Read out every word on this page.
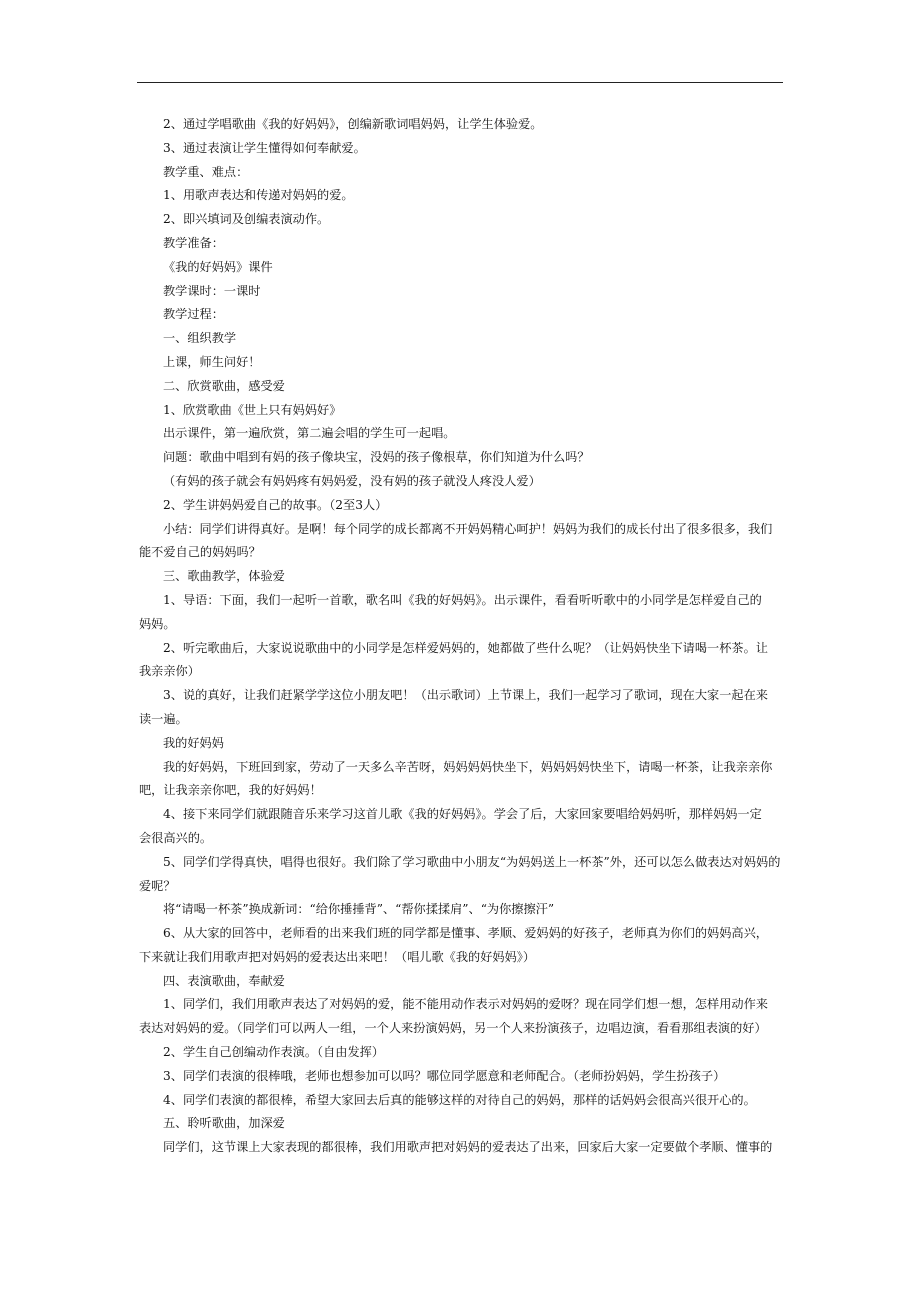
2、通过学唱歌曲《我的好妈妈》，创编新歌词唱妈妈，让学生体验爱。

3、通过表演让学生懂得如何奉献爱。

教学重、难点：

1、用歌声表达和传递对妈妈的爱。

2、即兴填词及创编表演动作。

教学准备：

《我的好妈妈》课件

教学课时：一课时

教学过程：

一、组织教学

上课，师生问好！

二、欣赏歌曲，感受爱

1、欣赏歌曲《世上只有妈妈好》

出示课件，第一遍欣赏，第二遍会唱的学生可一起唱。

问题：歌曲中唱到有妈的孩子像块宝，没妈的孩子像根草，你们知道为什么吗？

（有妈的孩子就会有妈妈疼有妈妈爱，没有妈的孩子就没人疼没人爱）

2、学生讲妈妈爱自己的故事。（2至3人）

小结：同学们讲得真好。是啊！每个同学的成长都离不开妈妈精心呵护！妈妈为我们的成长付出了很多很多，我们

能不爱自己的妈妈吗？

三、歌曲教学，体验爱

1、导语：下面，我们一起听一首歌，歌名叫《我的好妈妈》。出示课件，看看听听歌中的小同学是怎样爱自己的

妈妈。

2、听完歌曲后，大家说说歌曲中的小同学是怎样爱妈妈的，她都做了些什么呢？（让妈妈快坐下请喝一杯茶。让

我亲亲你）

3、说的真好，让我们赶紧学学这位小朋友吧！（出示歌词）上节课上，我们一起学习了歌词，现在大家一起在来

读一遍。

我的好妈妈

我的好妈妈，下班回到家，劳动了一天多么辛苦呀，妈妈妈妈快坐下，妈妈妈妈快坐下，请喝一杯茶，让我亲亲你

吧，让我亲亲你吧，我的好妈妈！

4、接下来同学们就跟随音乐来学习这首儿歌《我的好妈妈》。学会了后，大家回家要唱给妈妈听，那样妈妈一定

会很高兴的。

5、同学们学得真快，唱得也很好。我们除了学习歌曲中小朋友“为妈妈送上一杯茶”外，还可以怎么做表达对妈妈的

爱呢？

将“请喝一杯茶”换成新词：“给你捶捶背”、“帮你揉揉肩”、“为你擦擦汗”

6、从大家的回答中，老师看的出来我们班的同学都是懂事、孝顺、爱妈妈的好孩子，老师真为你们的妈妈高兴，

下来就让我们用歌声把对妈妈的爱表达出来吧！（唱儿歌《我的好妈妈》）

四、表演歌曲，奉献爱

1、同学们，我们用歌声表达了对妈妈的爱，能不能用动作表示对妈妈的爱呀？现在同学们想一想，怎样用动作来

表达对妈妈的爱。（同学们可以两人一组，一个人来扮演妈妈，另一个人来扮演孩子，边唱边演，看看那组表演的好）

2、学生自己创编动作表演。（自由发挥）

3、同学们表演的很棒哦，老师也想参加可以吗？哪位同学愿意和老师配合。（老师扮妈妈，学生扮孩子）

4、同学们表演的都很棒，希望大家回去后真的能够这样的对待自己的妈妈，那样的话妈妈会很高兴很开心的。

五、聆听歌曲，加深爱

同学们，这节课上大家表现的都很棒，我们用歌声把对妈妈的爱表达了出来，回家后大家一定要做个孝顺、懂事的
